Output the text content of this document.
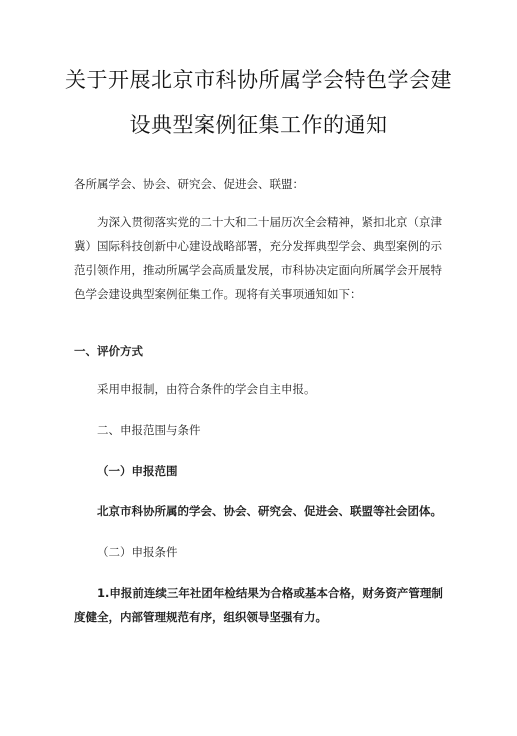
关于开展北京市科协所属学会特色学会建
设典型案例征集工作的通知

各所属学会、协会、研究会、促进会、联盟：

为深入贯彻落实党的二十大和二十届历次全会精神，紧扣北京（京津冀）国际科技创新中心建设战略部署，充分发挥典型学会、典型案例的示范引领作用，推动所属学会高质量发展，市科协决定面向所属学会开展特色学会建设典型案例征集工作。现将有关事项通知如下：

一、评价方式

采用申报制，由符合条件的学会自主申报。

二、申报范围与条件

（一）申报范围

北京市科协所属的学会、协会、研究会、促进会、联盟等社会团体。

（二）申报条件

1.申报前连续三年社团年检结果为合格或基本合格，财务资产管理制度健全，内部管理规范有序，组织领导坚强有力。
